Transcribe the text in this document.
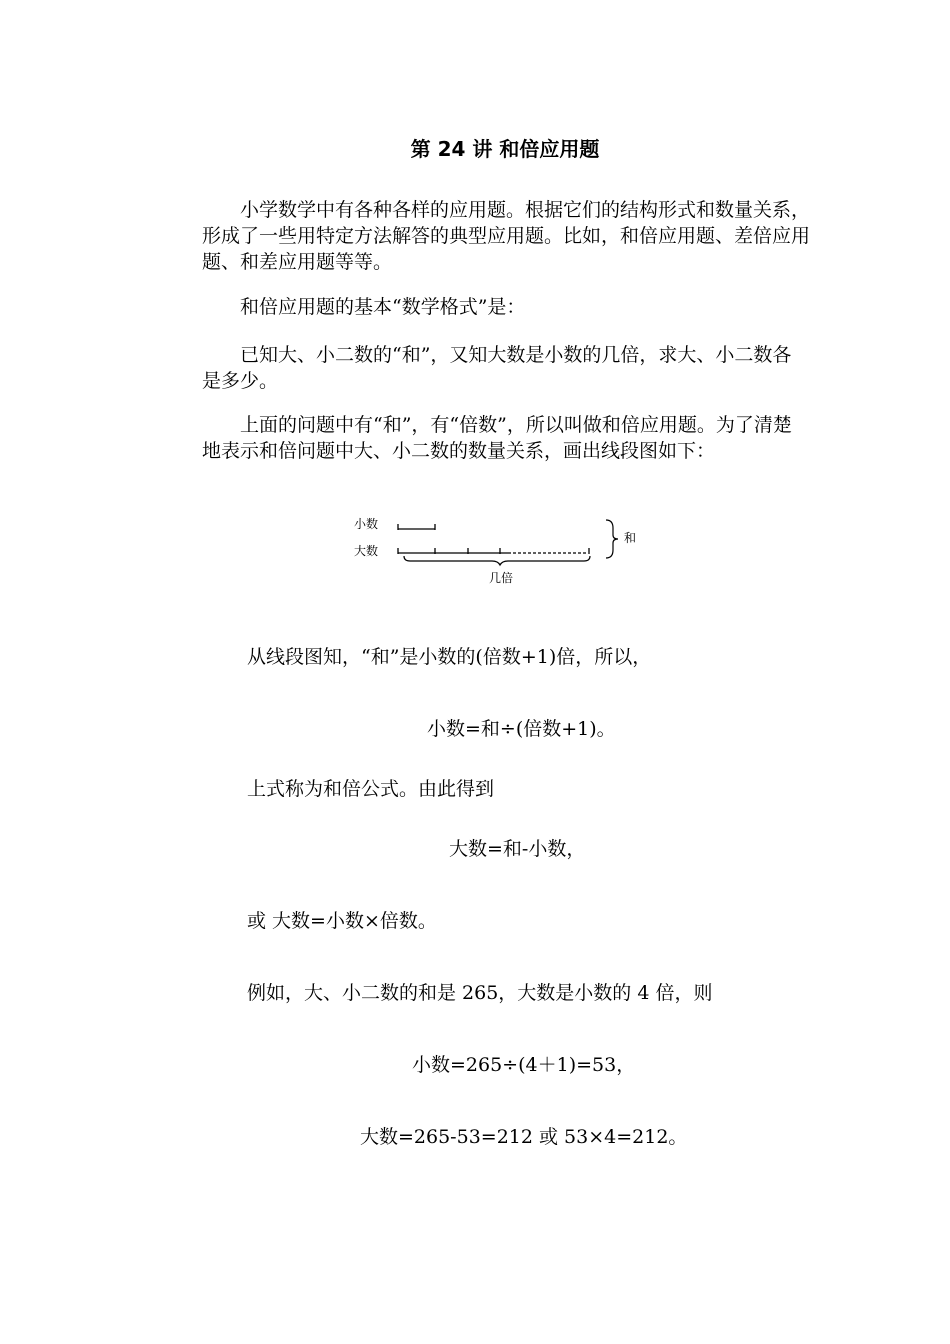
第 24 讲 和倍应用题

小学数学中有各种各样的应用题。根据它们的结构形式和数量关系，形成了一些用特定方法解答的典型应用题。比如，和倍应用题、差倍应用题、和差应用题等等。

和倍应用题的基本“数学格式”是：

已知大、小二数的“和”，又知大数是小数的几倍，求大、小二数各是多少。

上面的问题中有“和”，有“倍数”，所以叫做和倍应用题。为了清楚地表示和倍问题中大、小二数的数量关系，画出线段图如下：

小数
大数
和
几倍
从线段图知，“和”是小数的(倍数+1)倍，所以，
小数=和÷(倍数+1)。
上式称为和倍公式。由此得到
大数=和-小数，
或 大数=小数×倍数。
例如，大、小二数的和是 265，大数是小数的 4 倍，则
小数=265÷(4＋1)=53，
大数=265-53=212 或 53×4=212。
